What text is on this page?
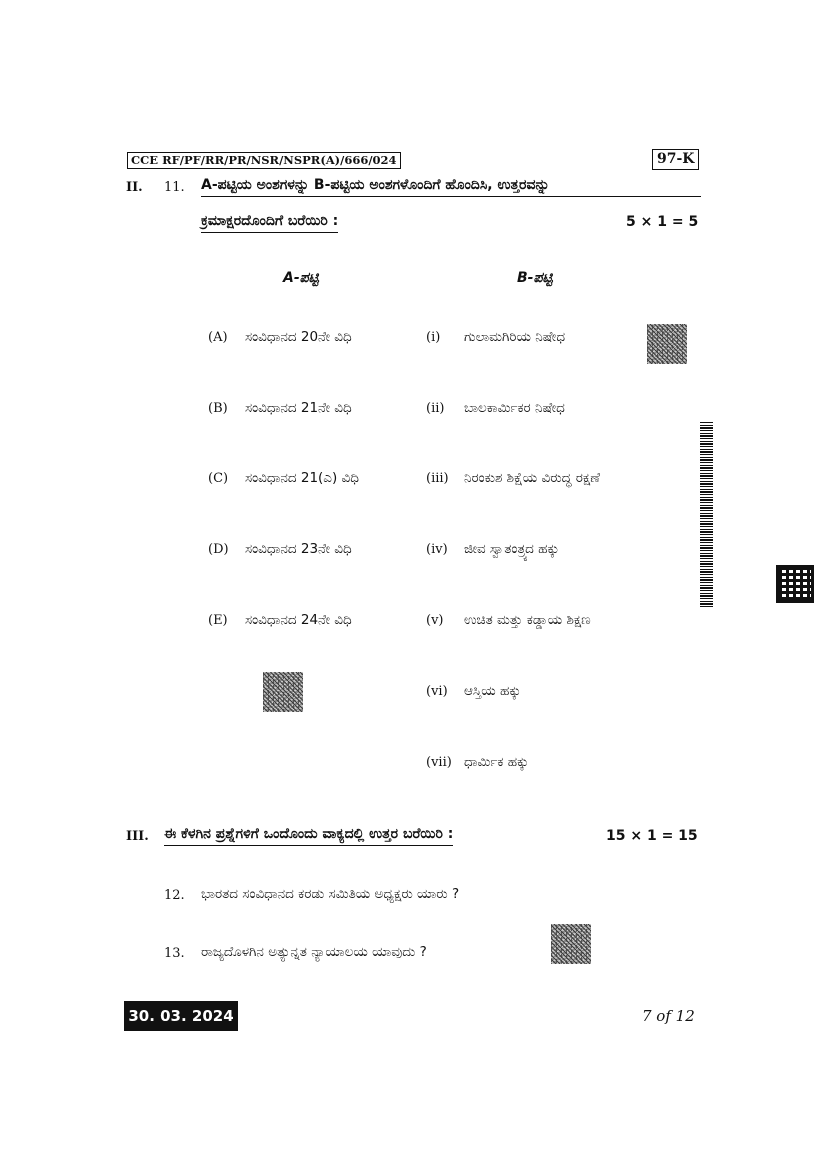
CCE RF/PF/RR/PR/NSR/NSPR(A)/666/024	97-K
II. 11. A-ಪಟ್ಟಿಯ ಅಂಶಗಳನ್ನು B-ಪಟ್ಟಿಯ ಅಂಶಗಳೊಂದಿಗೆ ಹೊಂದಿಸಿ, ಉತ್ತರವನ್ನು
ಕ್ರಮಾಕ್ಷರದೊಂದಿಗೆ ಬರೆಯಿರಿ :	5 × 1 = 5
A-ಪಟ್ಟಿ	B-ಪಟ್ಟಿ
(A) ಸಂವಿಧಾನದ 20ನೇ ವಿಧಿ
(B) ಸಂವಿಧಾನದ 21ನೇ ವಿಧಿ
(C) ಸಂವಿಧಾನದ 21(ಎ) ವಿಧಿ
(D) ಸಂವಿಧಾನದ 23ನೇ ವಿಧಿ
(E) ಸಂವಿಧಾನದ 24ನೇ ವಿಧಿ
(i) ಗುಲಾಮಗಿರಿಯ ನಿಷೇಧ
(ii) ಬಾಲಕಾರ್ಮಿಕರ ನಿಷೇಧ
(iii) ನಿರಂಕುಶ ಶಿಕ್ಷೆಯ ವಿರುದ್ಧ ರಕ್ಷಣೆ
(iv) ಜೀವ ಸ್ವಾತಂತ್ರ್ಯದ ಹಕ್ಕು
(v) ಉಚಿತ ಮತ್ತು ಕಡ್ಡಾಯ ಶಿಕ್ಷಣ
(vi) ಆಸ್ತಿಯ ಹಕ್ಕು
(vii) ಧಾರ್ಮಿಕ ಹಕ್ಕು
III. ಈ ಕೆಳಗಿನ ಪ್ರಶ್ನೆಗಳಿಗೆ ಒಂದೊಂದು ವಾಕ್ಯದಲ್ಲಿ ಉತ್ತರ ಬರೆಯಿರಿ :	15 × 1 = 15
12. ಭಾರತದ ಸಂವಿಧಾನದ ಕರಡು ಸಮಿತಿಯ ಅಧ್ಯಕ್ಷರು ಯಾರು ?
13. ರಾಜ್ಯದೊಳಗಿನ ಅತ್ಯುನ್ನತ ನ್ಯಾಯಾಲಯ ಯಾವುದು ?
30. 03. 2024	7 of 12
